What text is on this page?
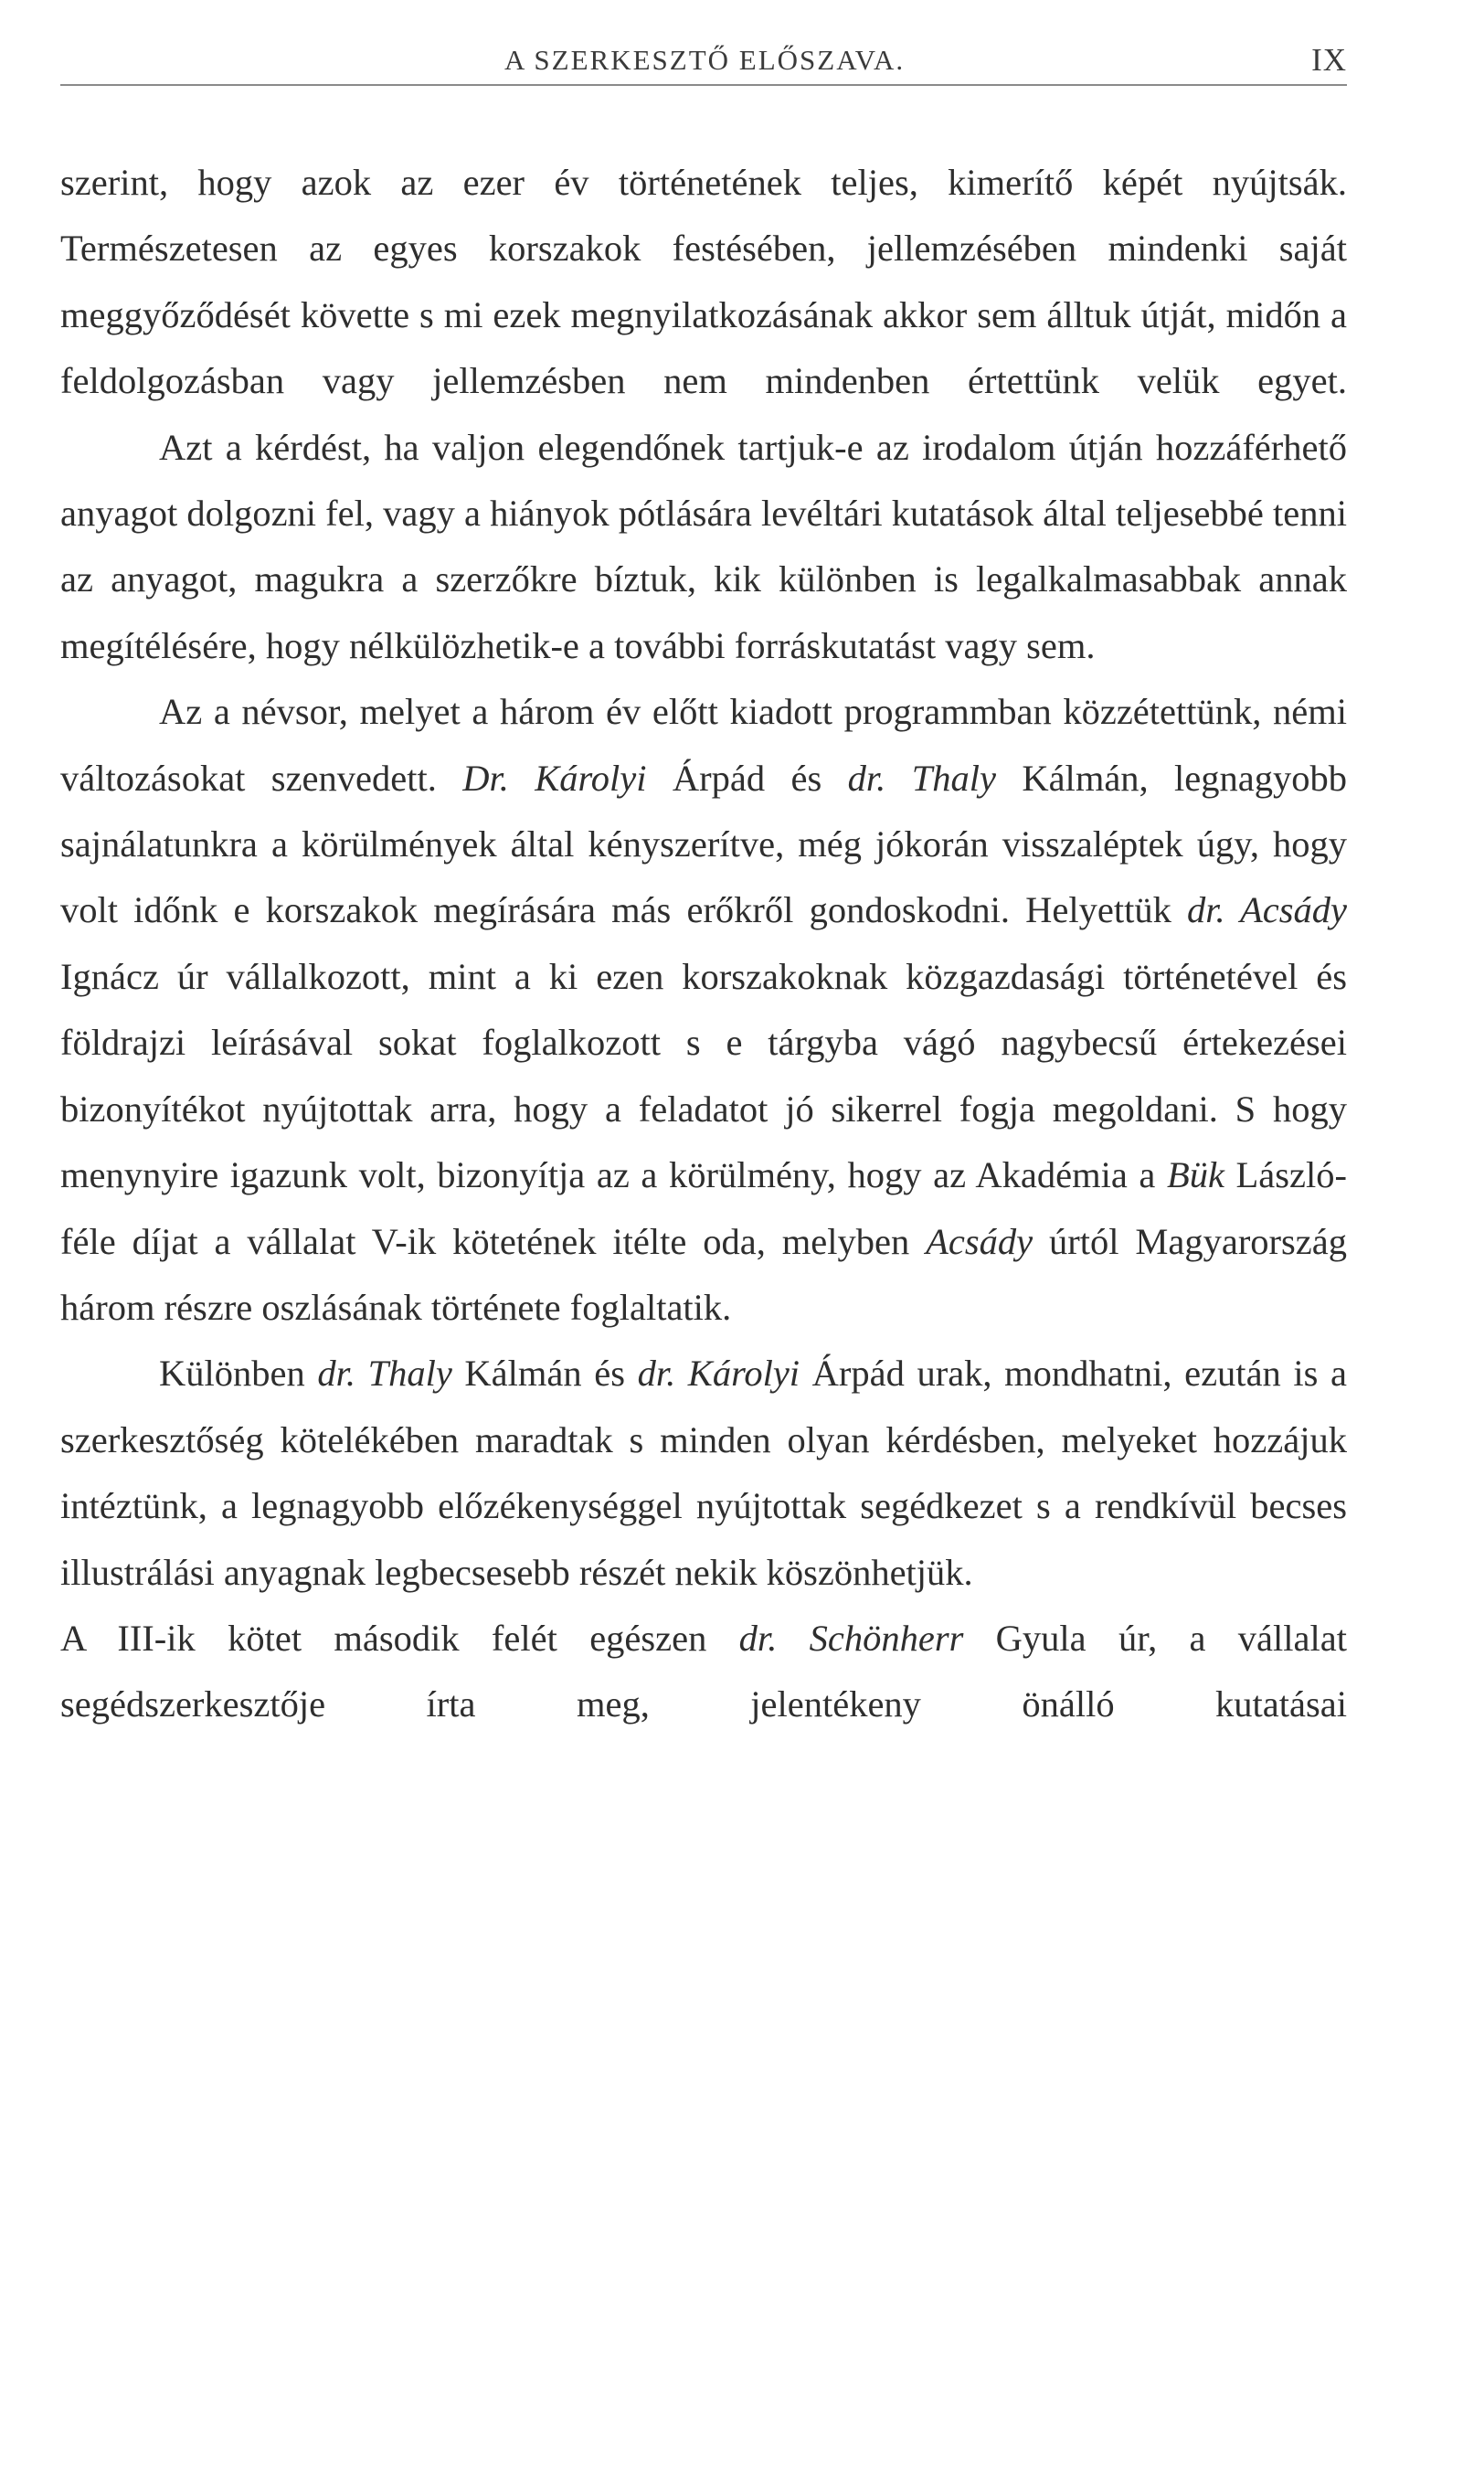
A SZERKESZTŐ ELŐSZAVA.	IX

szerint, hogy azok az ezer év történetének teljes, kimerítő képét nyújtsák. Természetesen az egyes korszakok festésében, jellemzésében mindenki saját meggyőződését követte s mi ezek megnyilatkozásának akkor sem álltuk útját, midőn a feldolgozásban vagy jellemzésben nem mindenben értettünk velük egyet.

Azt a kérdést, ha valjon elegendőnek tartjuk-e az irodalom útján hozzáférhető anyagot dolgozni fel, vagy a hiányok pótlására levéltári kutatások által teljesebbé tenni az anyagot, magukra a szerzőkre bíztuk, kik különben is legalkalmasabbak annak megítélésére, hogy nélkülözhetik-e a további forráskutatást vagy sem.

Az a névsor, melyet a három év előtt kiadott programmban közzétettünk, némi változásokat szenvedett. Dr. Károlyi Árpád és dr. Thaly Kálmán, legnagyobb sajnálatunkra a körülmények által kényszerítve, még jókorán visszaléptek úgy, hogy volt időnk e korszakok megírására más erőkről gondoskodni. Helyettük dr. Acsády Ignácz úr vállalkozott, mint a ki ezen korszakoknak közgazdasági történetével és földrajzi leírásával sokat foglalkozott s e tárgyba vágó nagybecsű értekezései bizonyítékot nyújtottak arra, hogy a feladatot jó sikerrel fogja megoldani. S hogy menynyire igazunk volt, bizonyítja az a körülmény, hogy az Akadémia a Bük László-féle díjat a vállalat V-ik kötetének itélte oda, melyben Acsády úrtól Magyarország három részre oszlásának története foglaltatik.

Különben dr. Thaly Kálmán és dr. Károlyi Árpád urak, mondhatni, ezután is a szerkesztőség kötelékében maradtak s minden olyan kérdésben, melyeket hozzájuk intéztünk, a legnagyobb előzékenységgel nyújtottak segédkezet s a rendkívül becses illustrálási anyagnak legbecsesebb részét nekik köszönhetjük.

A III-ik kötet második felét egészen dr. Schönherr Gyula úr, a vállalat segédszerkesztője írta meg, jelentékeny önálló kutatásai
